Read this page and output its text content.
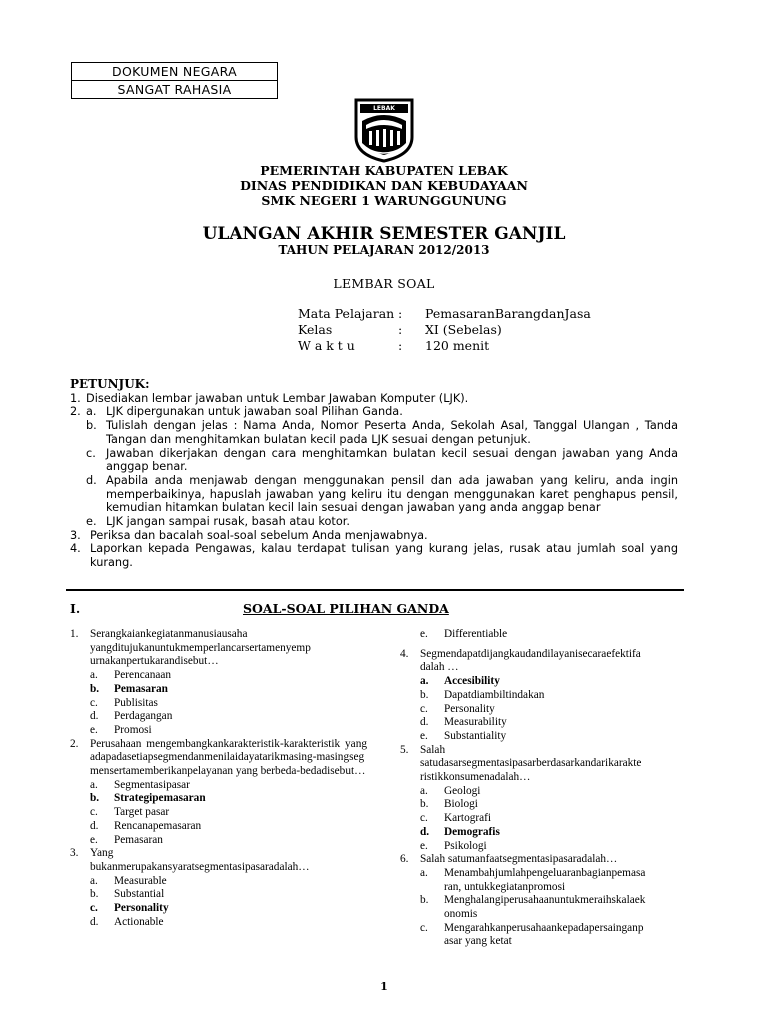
DOKUMEN NEGARA
SANGAT RAHASIA
LEBAK
PEMERINTAH KABUPATEN LEBAK
DINAS PENDIDIKAN DAN KEBUDAYAAN
SMK NEGERI 1 WARUNGGUNUNG
ULANGAN AKHIR SEMESTER GANJIL
TAHUN PELAJARAN 2012/2013
LEMBAR SOAL
Mata Pelajaran :	PemasaranBarangdanJasa
Kelas	:	XI (Sebelas)
W a k t u	:	120 menit
PETUNJUK:
1. Disediakan lembar jawaban untuk Lembar Jawaban Komputer (LJK).
2. a. LJK dipergunakan untuk jawaban soal Pilihan Ganda.
b. Tulislah dengan jelas : Nama Anda, Nomor Peserta Anda, Sekolah Asal, Tanggal Ulangan , Tanda Tangan dan menghitamkan bulatan kecil pada LJK sesuai dengan petunjuk.
c. Jawaban dikerjakan dengan cara menghitamkan bulatan kecil sesuai dengan jawaban yang Anda anggap benar.
d. Apabila anda menjawab dengan menggunakan pensil dan ada jawaban yang keliru, anda ingin memperbaikinya, hapuslah jawaban yang keliru itu dengan menggunakan karet penghapus pensil, kemudian hitamkan bulatan kecil lain sesuai dengan jawaban yang anda anggap benar
e. LJK jangan sampai rusak, basah atau kotor.
3. Periksa dan bacalah soal-soal sebelum Anda menjawabnya.
4. Laporkan kepada Pengawas, kalau terdapat tulisan yang kurang jelas, rusak atau jumlah soal yang kurang.
I.	SOAL-SOAL PILIHAN GANDA
1.	Serangkaiankegiatanmanusiausaha
yangditujukanuntukmemperlancarsertamenyemp
urnakanpertukarandisebut…
a.	Perencanaan
b.	Pemasaran
c.	Publisitas
d.	Perdagangan
e.	Promosi
2.	Perusahaan mengembangkankarakteristik-karakteristik yang adapadasetiapsegmendanmenilaidayatarikmasing-masingsegmensertamemberikanpelayanan yang berbeda-bedadisebut…
a.	Segmentasipasar
b.	Strategipemasaran
c.	Target pasar
d.	Rencanapemasaran
e.	Pemasaran
3.	Yang
bukanmerupakansyaratsegmentasipasaradalah…
a.	Measurable
b.	Substantial
c.	Personality
d.	Actionable
e.	Differentiable
4.	Segmendapatdijangkaudandilayanisecaraefektifa
dalah …
a.	Accesibility
b.	Dapatdiambiltindakan
c.	Personality
d.	Measurability
e.	Substantiality
5.	Salah
satudasarsegmentasipasarberdasarkandarikarakte
ristikkonsumenadalah…
a.	Geologi
b.	Biologi
c.	Kartografi
d.	Demografis
e.	Psikologi
6.	Salah satumanfaatsegmentasipasaradalah…
a.	Menambahjumlahpengeluaranbagianpemasa
ran, untukkegiatanpromosi
b.	Menghalangiperusahaanuntukmeraihskalaek
onomis
c.	Mengarahkanperusahaankepadapersainganp
asar yang ketat
1
